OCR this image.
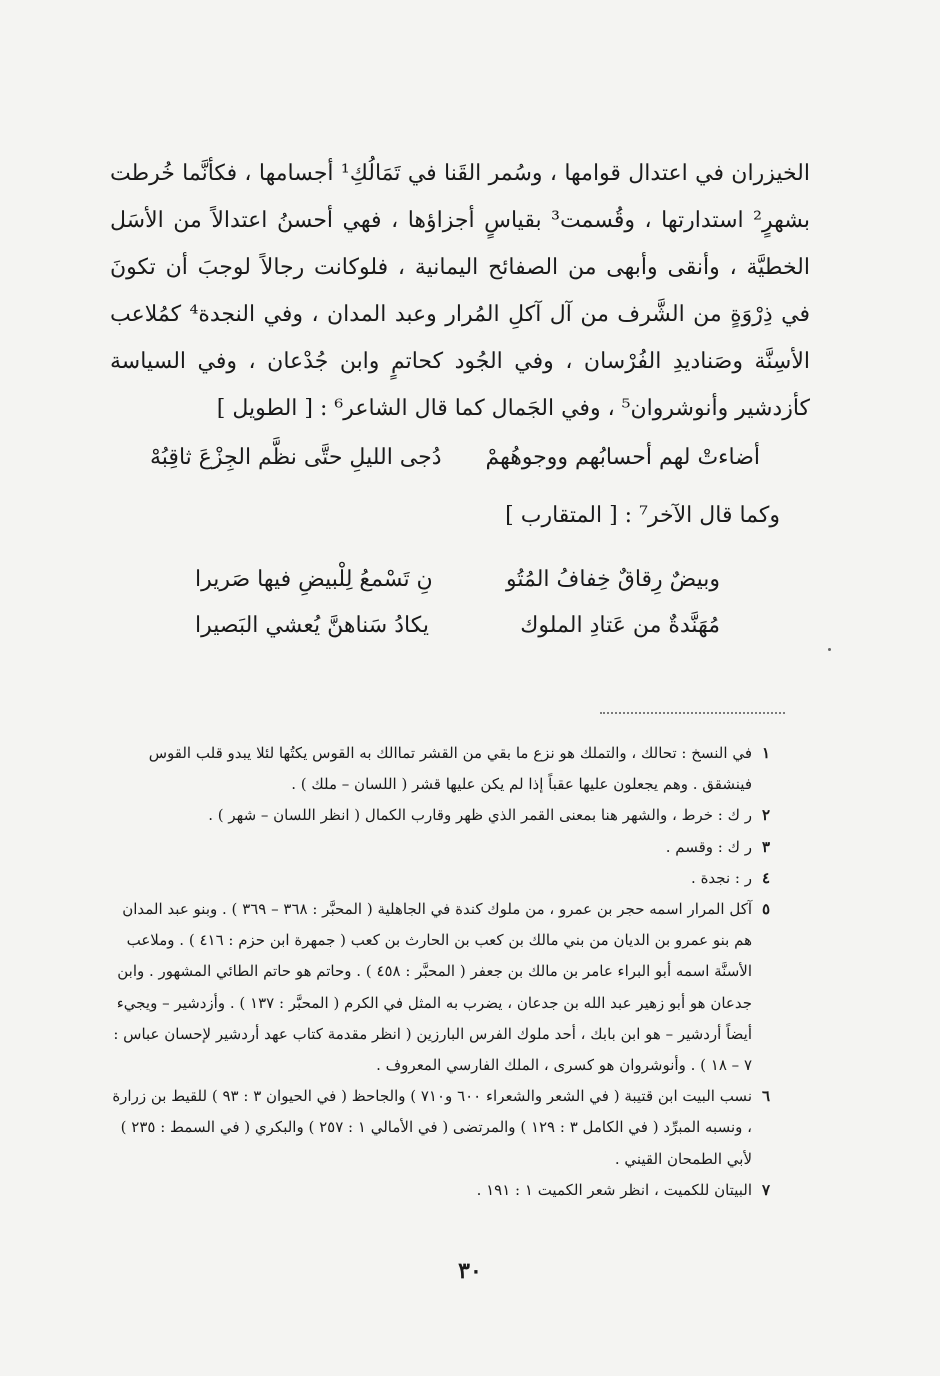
الخيزران في اعتدال قوامها ، وسُمر القَنا في تَمَالُكِ¹ أجسامها ، فكأنَّما خُرطت بشهرٍ² استدارتها ، وقُسمت³ بقياسٍ أجزاؤها ، فهي أحسنُ اعتدالاً من الأسَل الخطيَّة ، وأنقى وأبهى من الصفائح اليمانية ، فلوكانت رجالاً لوجبَ أن تكونَ في ذِرْوَةٍ من الشَّرف من آل آكلِ المُرار وعبد المدان ، وفي النجدة⁴ كمُلاعب الأسِنَّة وصَناديدِ الفُرْسان ، وفي الجُود كحاتمٍ وابن جُدْعان ، وفي السياسة كأزدشير وأنوشروان⁵ ، وفي الجَمال كما قال الشاعر⁶ : [ الطويل ]

أضاءتْ لهم أحسابُهم ووجوهُهمْ
دُجى الليلِ حتَّى نظَّم الجِزْعَ ثاقِبُهْ
وكما قال الآخر⁷ : [ المتقارب ]
وبيضٌ رِقاقٌ خِفافُ المُتُو
نِ تَسْمعُ لِلْبيضِ فيها صَريرا
مُهَنَّدةٌ من عَتادِ الملوك
يكادُ سَناهنَّ يُعشي البَصيرا

١
في النسخ : تحالك ، والتملك هو نزع ما بقي من القشر تماالك به القوس يكتُها لئلا يبدو قلب القوس فينشقق . وهم يجعلون عليها عقباً إذا لم يكن عليها قشر ( اللسان – ملك ) .

٢
ر ك : خرط ، والشهر هنا بمعنى القمر الذي ظهر وقارب الكمال ( انظر اللسان – شهر ) .

٣
ر ك : وقسم .

٤
ر : نجدة .

٥
آكل المرار اسمه حجر بن عمرو ، من ملوك كندة في الجاهلية ( المحبَّر : ٣٦٨ – ٣٦٩ ) . وبنو عبد المدان هم بنو عمرو بن الديان من بني مالك بن كعب بن الحارث بن كعب ( جمهرة ابن حزم : ٤١٦ ) . وملاعب الأسنَّة اسمه أبو البراء عامر بن مالك بن جعفر ( المحبَّر : ٤٥٨ ) . وحاتم هو حاتم الطائي المشهور . وابن جدعان هو أبو زهير عبد الله بن جدعان ، يضرب به المثل في الكرم ( المحبَّر : ١٣٧ ) . وأزدشير – ويجيء أيضاً أردشير – هو ابن بابك ، أحد ملوك الفرس البارزين ( انظر مقدمة كتاب عهد أردشير لإحسان عباس : ٧ – ١٨ ) . وأنوشروان هو كسرى ، الملك الفارسي المعروف .

٦
نسب البيت ابن قتيبة ( في الشعر والشعراء ٦٠٠ و٧١٠ ) والجاحظ ( في الحيوان ٣ : ٩٣ ) للقيط بن زرارة ، ونسبه المبرِّد ( في الكامل ٣ : ١٢٩ ) والمرتضى ( في الأمالي ١ : ٢٥٧ ) والبكري ( في السمط : ٢٣٥ ) لأبي الطمحان القيني .

٧
البيتان للكميت ، انظر شعر الكميت ١ : ١٩١ .

٣٠
